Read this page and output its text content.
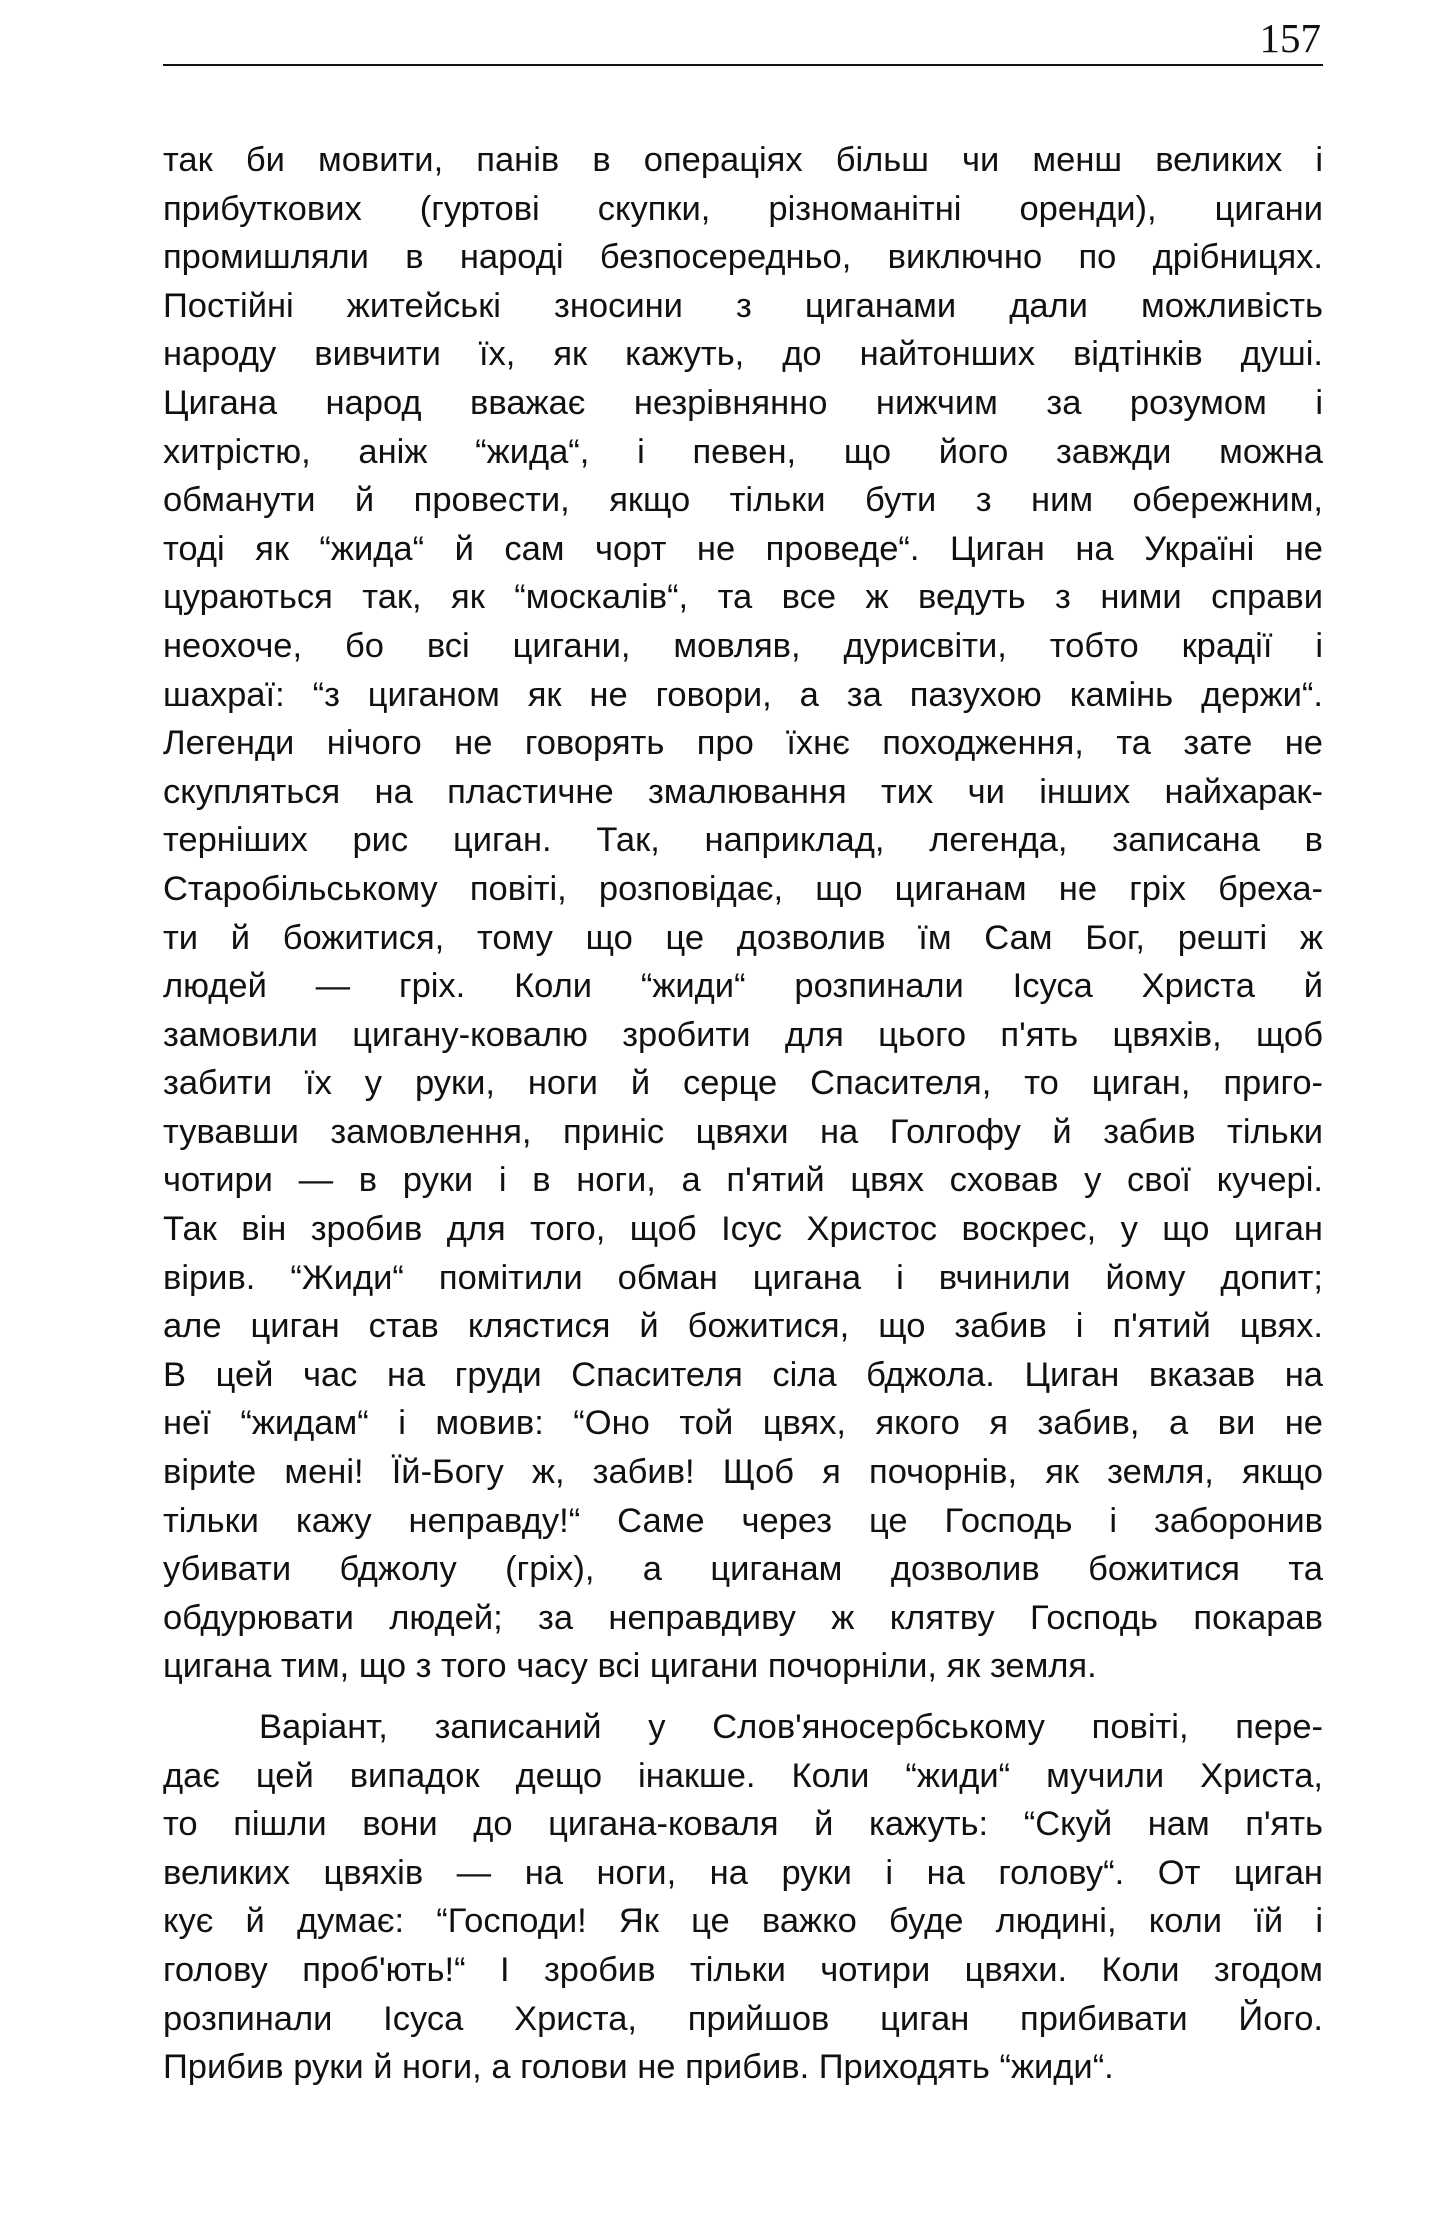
157
так би мовити, панів в операціях більш чи менш великих і
прибуткових (гуртові скупки, різноманітні оренди), цигани
промишляли в народі безпосередньо, виключно по дрібницях.
Постійні житейські зносини з циганами дали можливість
народу вивчити їх, як кажуть, до найтонших відтінків душі.
Цигана народ вважає незрівнянно нижчим за розумом і
хитрістю, аніж “жида“, і певен, що його завжди можна
обманути й провести, якщо тільки бути з ним обережним,
тоді як “жида“ й сам чорт не проведе“. Циган на Україні не
цураються так, як “москалів“, та все ж ведуть з ними справи
неохоче, бо всі цигани, мовляв, дурисвіти, тобто крадії і
шахраї: “з циганом як не говори, а за пазухою камінь держи“.
Легенди нічого не говорять про їхнє походження, та зате не
скупляться на пластичне змалювання тих чи інших найхарак-
терніших рис циган. Так, наприклад, легенда, записана в
Старобільському повіті, розповідає, що циганам не гріх бреха-
ти й божитися, тому що це дозволив їм Сам Бог, решті ж
людей — гріх. Коли “жиди“ розпинали Ісуса Христа й
замовили цигану-ковалю зробити для цього п'ять цвяхів, щоб
забити їх у руки, ноги й серце Спасителя, то циган, приго-
тувавши замовлення, приніс цвяхи на Голгофу й забив тільки
чотири — в руки і в ноги, а п'ятий цвях сховав у свої кучері.
Так він зробив для того, щоб Ісус Христос воскрес, у що циган
вірив. “Жиди“ помітили обман цигана і вчинили йому допит;
але циган став клястися й божитися, що забив і п'ятий цвях.
В цей час на груди Спасителя сіла бджола. Циган вказав на
неї “жидам“ і мовив: “Оно той цвях, якого я забив, а ви не
віриte мені! Їй-Богу ж, забив! Щоб я почорнів, як земля, якщо
тільки кажу неправду!“ Саме через це Господь і заборонив
убивати бджолу (гріх), а циганам дозволив божитися та
обдурювати людей; за неправдиву ж клятву Господь покарав
цигана тим, що з того часу всі цигани почорніли, як земля.
Варіант, записаний у Слов'яносербському повіті, пере-
дає цей випадок дещо інакше. Коли “жиди“ мучили Христа,
то пішли вони до цигана-коваля й кажуть: “Скуй нам п'ять
великих цвяхів — на ноги, на руки і на голову“. От циган
кує й думає: “Господи! Як це важко буде людині, коли їй і
голову проб'ють!“ І зробив тільки чотири цвяхи. Коли згодом
розпинали Ісуса Христа, прийшов циган прибивати Його.
Прибив руки й ноги, а голови не прибив. Приходять “жиди“.
